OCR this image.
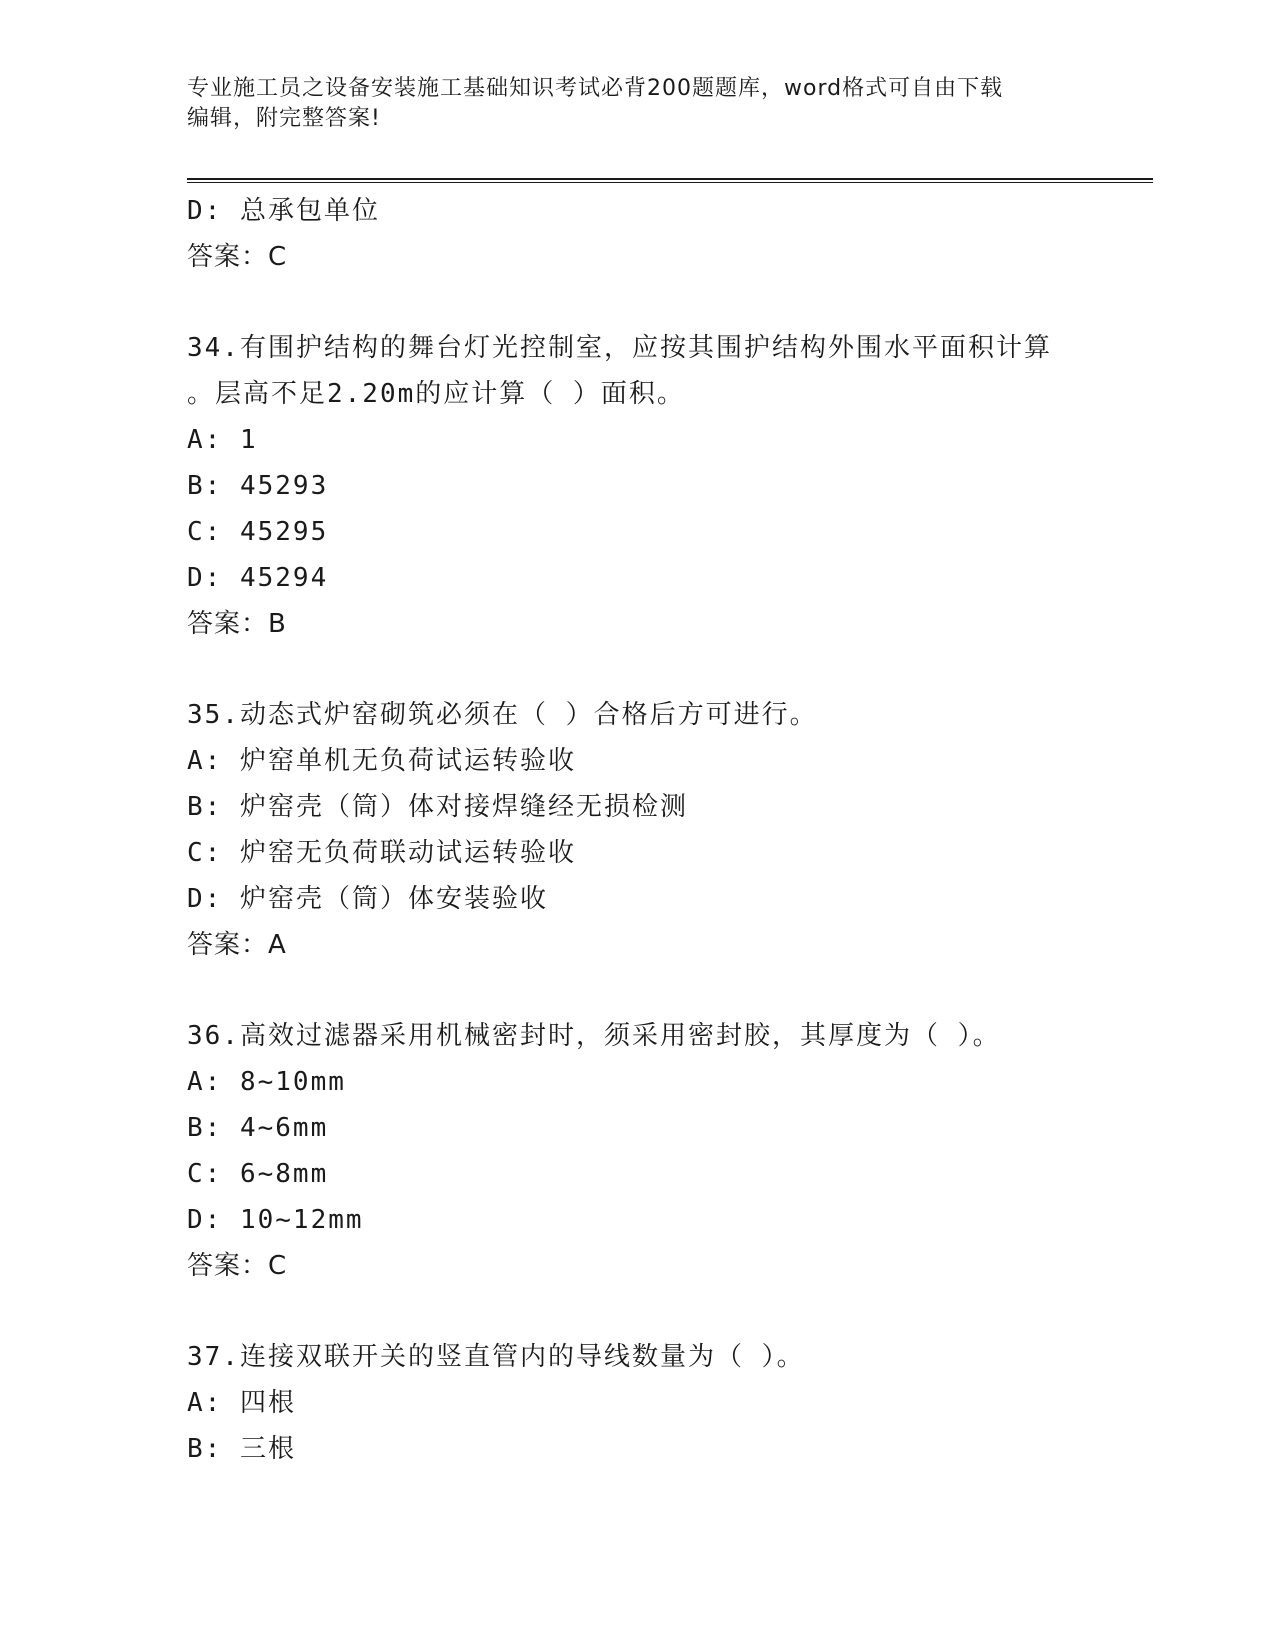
专业施工员之设备安装施工基础知识考试必背200题题库，word格式可自由下载
编辑，附完整答案!
D: 总承包单位
答案：C
34.有围护结构的舞台灯光控制室，应按其围护结构外围水平面积计算
。层高不足2.20m的应计算（ ）面积。
A: 1
B: 45293
C: 45295
D: 45294
答案：B
35.动态式炉窑砌筑必须在（ ）合格后方可进行。
A: 炉窑单机无负荷试运转验收
B: 炉窑壳（筒）体对接焊缝经无损检测
C: 炉窑无负荷联动试运转验收
D: 炉窑壳（筒）体安装验收
答案：A
36.高效过滤器采用机械密封时，须采用密封胶，其厚度为（ ）。
A: 8~10mm
B: 4~6mm
C: 6~8mm
D: 10~12mm
答案：C
37.连接双联开关的竖直管内的导线数量为（ ）。
A: 四根
B: 三根
